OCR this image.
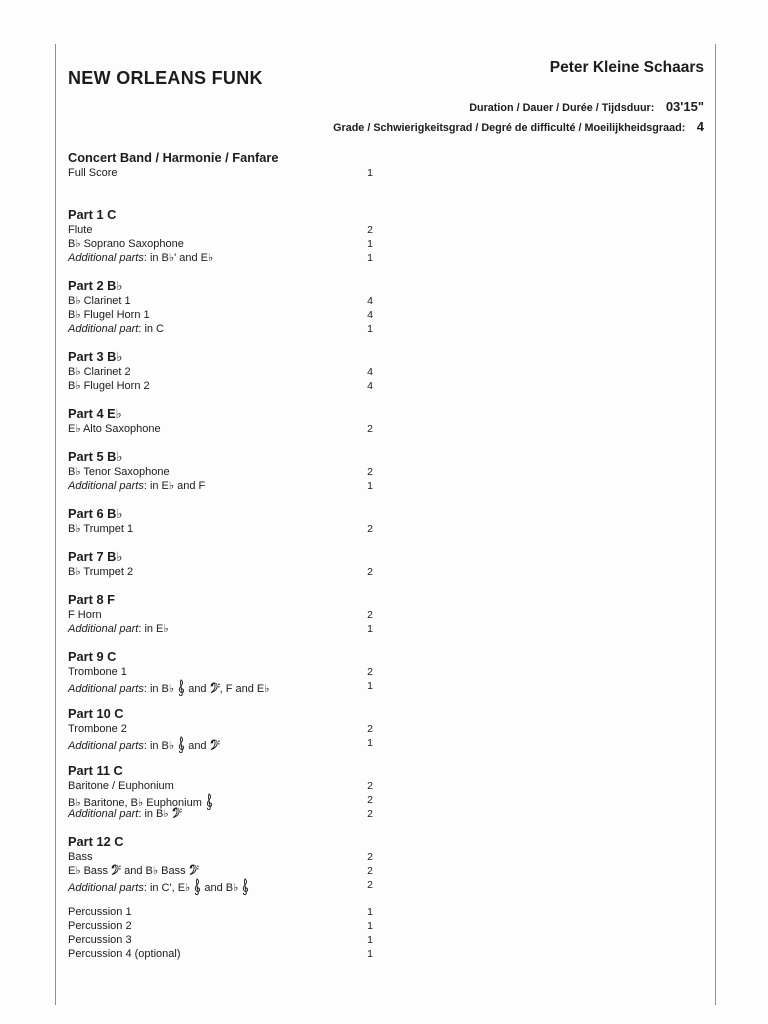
NEW ORLEANS FUNK
Peter Kleine Schaars
Duration / Dauer / Durée / Tijdsduur: 03'15"
Grade / Schwierigkeitsgrad / Degré de difficulté / Moeilijkheidsgraad: 4
Concert Band / Harmonie / Fanfare
Full Score	1
Part 1 C
Flute	2
B♭ Soprano Saxophone	1
Additional parts: in B♭' and E♭	1
Part 2 B♭
B♭ Clarinet 1	4
B♭ Flugel Horn 1	4
Additional part: in C	1
Part 3 B♭
B♭ Clarinet 2	4
B♭ Flugel Horn 2	4
Part 4 E♭
E♭ Alto Saxophone	2
Part 5 B♭
B♭ Tenor Saxophone	2
Additional parts: in E♭ and F	1
Part 6 B♭
B♭ Trumpet 1	2
Part 7 B♭
B♭ Trumpet 2	2
Part 8 F
F Horn	2
Additional part: in E♭	1
Part 9 C
Trombone 1	2
Additional parts: in B♭  and , F and E♭	1
Part 10 C
Trombone 2	2
Additional parts: in B♭  and	1
Part 11 C
Baritone / Euphonium	2
B♭ Baritone, B♭ Euphonium	2
Additional part: in B♭	2
Part 12 C
Bass	2
E♭ Bass  and B♭ Bass	2
Additional parts: in C', E♭  and B♭	2
Percussion 1	1
Percussion 2	1
Percussion 3	1
Percussion 4 (optional)	1
